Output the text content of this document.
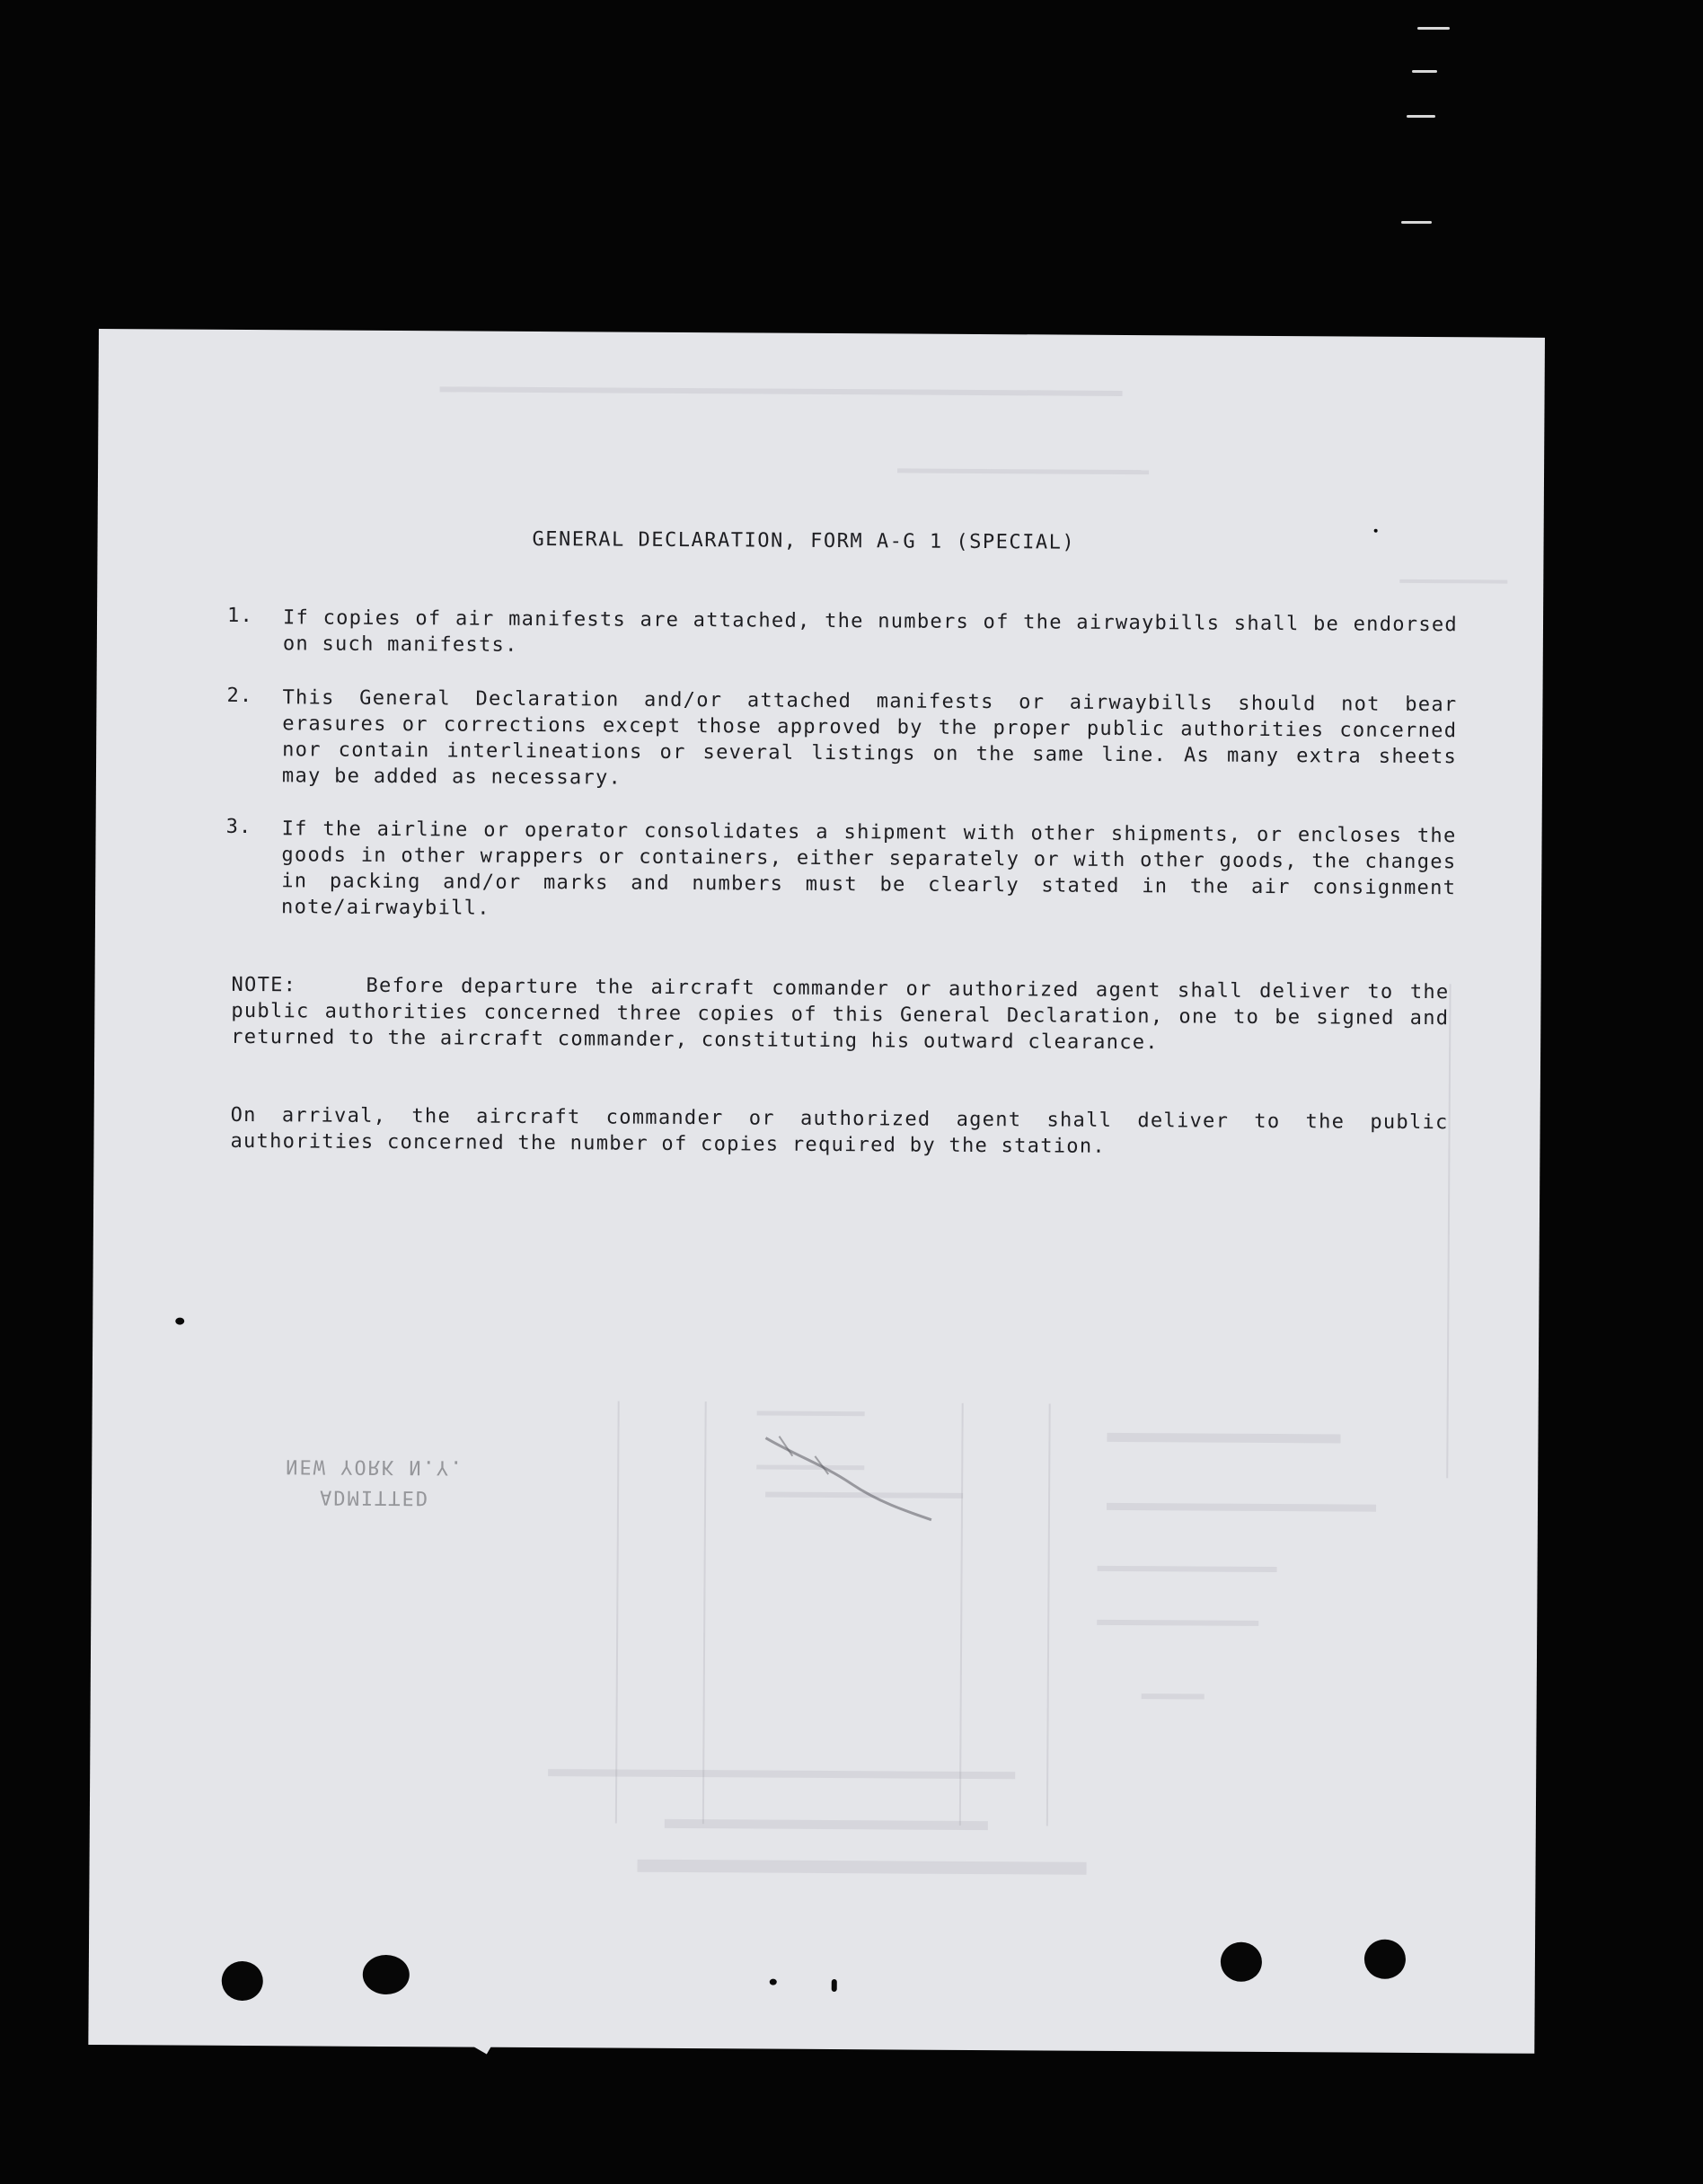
GENERAL DECLARATION, FORM A-G 1 (SPECIAL)
1.	If copies of air manifests are attached, the numbers of the airwaybills shall be endorsed on such manifests.
2.	This General Declaration and/or attached manifests or airwaybills should not bear erasures or corrections except those approved by the proper public authorities concerned nor contain interlineations or several listings on the same line. As many extra sheets may be added as necessary.
3.	If the airline or operator consolidates a shipment with other shipments, or encloses the goods in other wrappers or containers, either separately or with other goods, the changes in packing and/or marks and numbers must be clearly stated in the air consignment note/airwaybill.
NOTE:	Before departure the aircraft commander or authorized agent shall deliver to the public authorities concerned three copies of this General Declaration, one to be signed and returned to the aircraft commander, constituting his outward clearance.
On arrival, the aircraft commander or authorized agent shall deliver to the public authorities concerned the number of copies required by the station.
ADMITTED
NEW YORK N.Y.
